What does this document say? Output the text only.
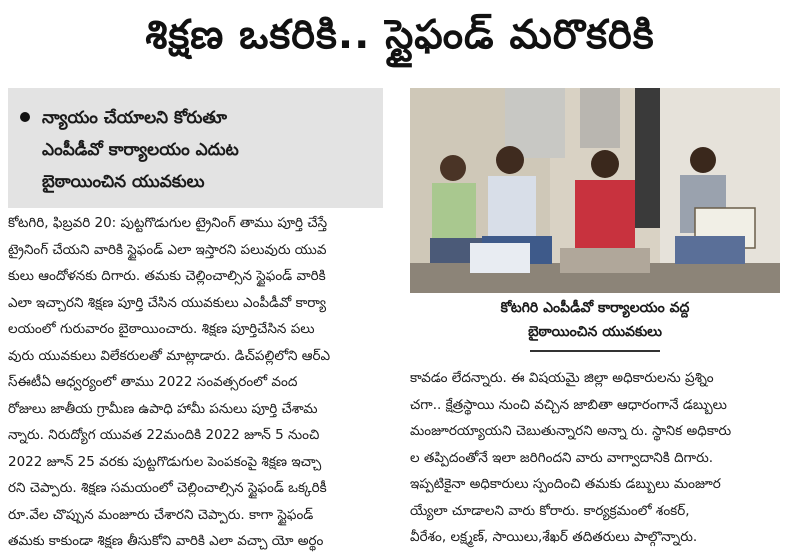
శిక్షణ ఒకరికి.. స్టైఫండ్ మరొకరికి
న్యాయం చేయాలని కోరుతూ
ఎంపీడీవో కార్యాలయం ఎదుట
బైఠాయించిన యువకులు

కోటగిరి, ఫిబ్రవరి 20: పుట్టగొడుగుల ట్రైనింగ్ తాము పూర్తి చేస్తే

ట్రైనింగ్ చేయని వారికి స్టైఫండ్ ఎలా ఇస్తారని పలువురు యువ

కులు ఆందోళనకు దిగారు. తమకు చెల్లించాల్సిన స్టైఫండ్ వారికి

ఎలా ఇచ్చారని శిక్షణ పూర్తి చేసిన యువకులు ఎంపీడీవో కార్యా

లయంలో గురువారం బైఠాయించారు. శిక్షణ పూర్తిచేసిన పలు

వురు యువకులు విలేకరులతో మాట్లాడారు. డిచ్‌పల్లిలోని ఆర్‌ఎ

స్‌ఈటీఏ ఆధ్వర్యంలో తాము 2022 సంవత్సరంలో వంద

రోజులు జాతీయ గ్రామీణ ఉపాధి హామీ పనులు పూర్తి చేశామ

న్నారు. నిరుద్యోగ యువత 22మందికి 2022 జూన్ 5 నుంచి

2022 జూన్ 25 వరకు పుట్టగొడుగుల పెంపకంపై శిక్షణ ఇచ్చా

రని చెప్పారు. శిక్షణ సమయంలో చెల్లించాల్సిన స్టైఫండ్ ఒక్కరికీ

రూ.వేల చొప్పున మంజూరు చేశారని చెప్పారు. కాగా స్టైఫండ్

తమకు కాకుండా శిక్షణ తీసుకోని వారికి ఎలా వచ్చా యో అర్థం

కోటగిరి ఎంపీడీవో కార్యాలయం వద్ద
బైఠాయించిన యువకులు

కావడం లేదన్నారు. ఈ విషయమై జిల్లా అధికారులను ప్రశ్నిం

చగా.. క్షేత్రస్థాయి నుంచి వచ్చిన జాబితా ఆధారంగానే డబ్బులు

మంజూరయ్యాయని చెబుతున్నారని అన్నా రు. స్థానిక అధికారు

ల తప్పిదంతోనే ఇలా జరిగిందని వారు వాగ్వాదానికి దిగారు.

ఇప్పటికైనా అధికారులు స్పందించి తమకు డబ్బులు మంజూర

య్యేలా చూడాలని వారు కోరారు. కార్యక్రమంలో శంకర్,

వీరేశం, లక్ష్మణ్, సాయిలు,శేఖర్ తదితరులు పాల్గొన్నారు.
